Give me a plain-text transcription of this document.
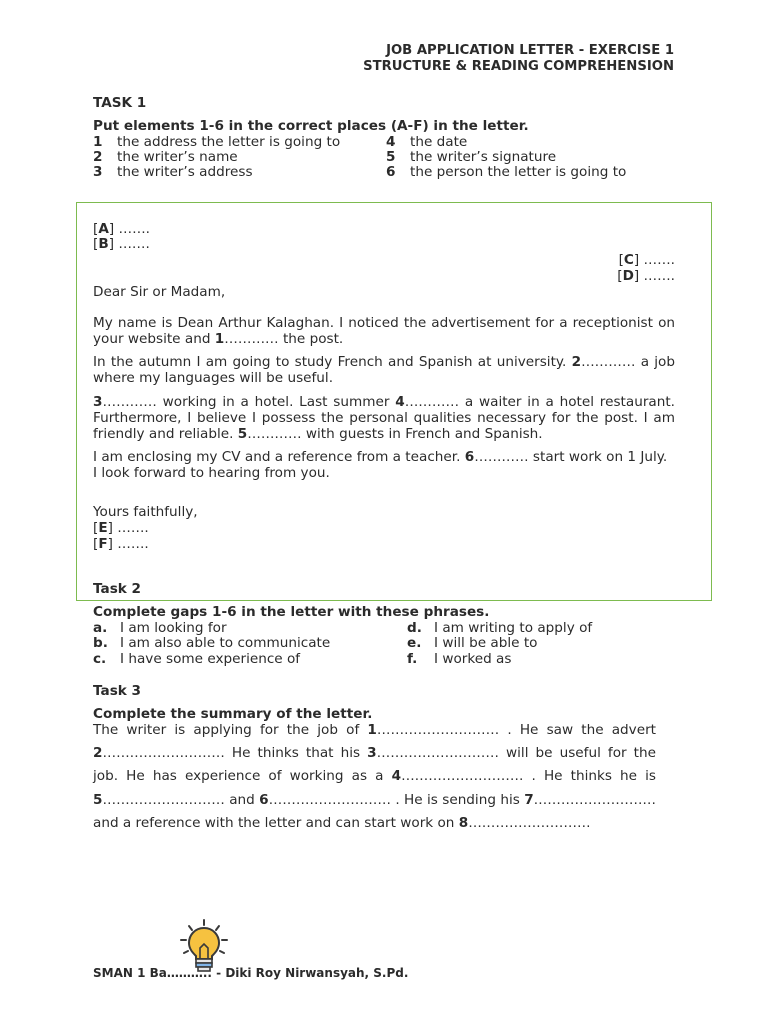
JOB APPLICATION LETTER - EXERCISE 1
STRUCTURE & READING COMPREHENSION
TASK 1
Put elements 1-6 in the correct places (A-F) in the letter.
1 the address the letter is going to
2 the writer’s name
3 the writer’s address
4 the date
5 the writer’s signature
6 the person the letter is going to
[A] …….
[B] …….
[C] …….
[D] …….
Dear Sir or Madam,
My name is Dean Arthur Kalaghan. I noticed the advertisement for a receptionist on your website and 1………… the post.
In the autumn I am going to study French and Spanish at university. 2………… a job where my languages will be useful.
3………… working in a hotel. Last summer 4………… a waiter in a hotel restaurant. Furthermore, I believe I possess the personal qualities necessary for the post. I am friendly and reliable. 5………… with guests in French and Spanish.
I am enclosing my CV and a reference from a teacher. 6………… start work on 1 July.
I look forward to hearing from you.
Yours faithfully,
[E] …….
[F] …….
Task 2
Complete gaps 1-6 in the letter with these phrases.
a. I am looking for
b. I am also able to communicate
c. I have some experience of
d. I am writing to apply of
e. I will be able to
f. I worked as
Task 3
Complete the summary of the letter.
The writer is applying for the job of 1……………………… . He saw the advert 2……………………… He thinks that his 3……………………… will be useful for the job. He has experience of working as a 4……………………… . He thinks he is 5……………………… and 6……………………… . He is sending his 7……………………… and a reference with the letter and can start work on 8………………………
SMAN 1 Ba……….. - Diki Roy Nirwansyah, S.Pd.
